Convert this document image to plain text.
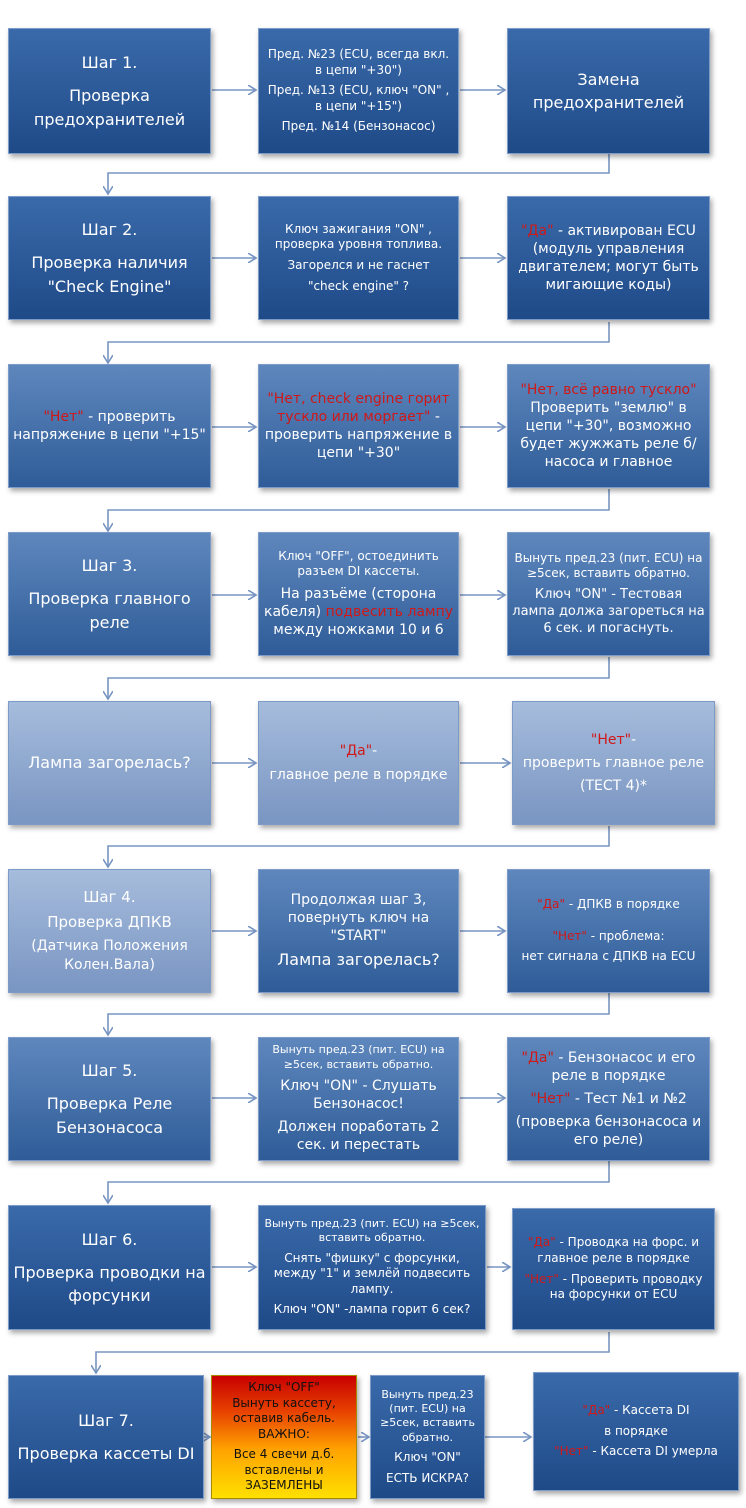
Шаг 1.

Проверка предохранителей

Пред. №23 (ECU, всегда вкл. в цепи "+30")

Пред. №13 (ECU, ключ "ON" , в цепи "+15")

Пред. №14 (Бензонасос)

Замена предохранителей

Шаг 2.

Проверка наличия "Check Engine"

Ключ зажигания "ON" , проверка уровня топлива.

Загорелся и не гаснет

"check engine" ?

"Да" - активирован ECU (модуль управления двигателем; могут быть мигающие коды)

"Нет" - проверить напряжение в цепи "+15"

"Нет, check engine горит тускло или моргает" - проверить напряжение в цепи "+30"

"Нет, всё равно тускло"

Проверить "землю" в цепи "+30", возможно будет жужжать реле б/насоса и главное

Шаг 3.

Проверка главного реле

Ключ "OFF", остоединить разъем DI кассеты.

На разъёме (сторона кабеля) подвесить лампу между ножками 10 и 6

Вынуть пред.23 (пит. ECU) на ≥5сек, вставить обратно.

Ключ "ON" - Тестовая лампа должа загореться на 6 сек. и погаснуть.

Лампа загорелась?

"Да"-

главное реле в порядке

"Нет"-

проверить главное реле

(ТЕСТ 4)*

Шаг 4.

Проверка ДПКВ

(Датчика Положения Колен.Вала)

Продолжая шаг 3, повернуть ключ на "START"

Лампа загорелась?

"Да" - ДПКВ в порядке

"Нет" - проблема:

нет сигнала с ДПКВ на ECU

Шаг 5.

Проверка Реле Бензонасоса

Вынуть пред.23 (пит. ECU) на ≥5сек, вставить обратно.

Ключ "ON" - Слушать Бензонасос!

Должен поработать 2 сек. и перестать

"Да" - Бензонасос и его реле в порядке

"Нет" - Тест №1 и №2

(проверка бензонасоса и его реле)

Шаг 6.

Проверка проводки на форсунки

Вынуть пред.23 (пит. ECU) на ≥5сек, вставить обратно.

Снять "фишку" с форсунки, между "1" и землёй подвесить лампу.

Ключ "ON" -лампа горит 6 сек?

"Да" - Проводка на форс. и главное реле в порядке

"Нет" - Проверить проводку на форсунки от ECU

Шаг 7.

Проверка кассеты DI

Ключ "OFF"

Вынуть кассету, оставив кабель.

ВАЖНО:

Все 4 свечи д.б. вставлены и

ЗАЗЕМЛЕНЫ

Вынуть пред.23 (пит. ECU) на ≥5сек, вставить обратно.

Ключ "ON"

ЕСТЬ ИСКРА?

"Да" - Кассета DI

в порядке

"Нет" - Кассета DI умерла
